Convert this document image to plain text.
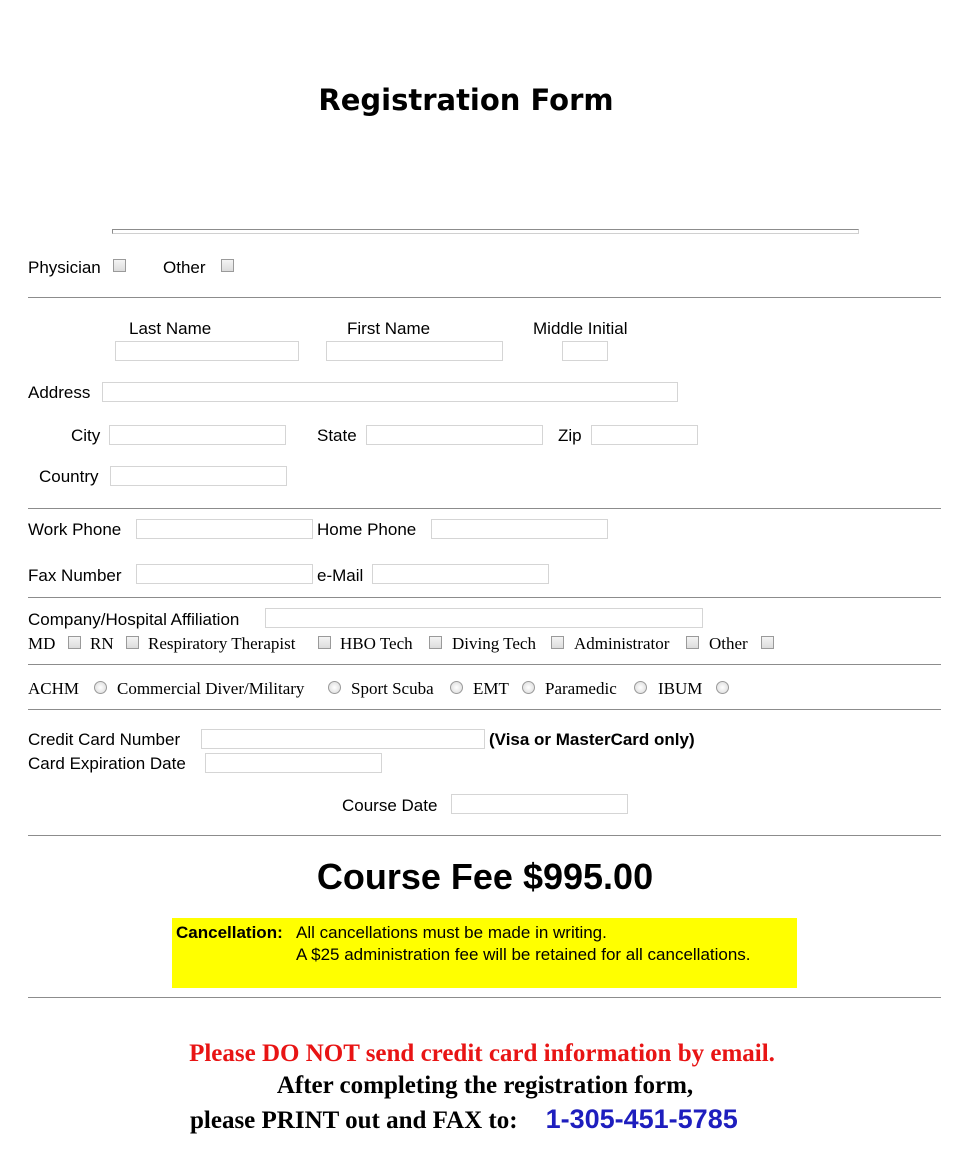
Registration Form
Physician	Other
Last Name	First Name	Middle Initial
Address
City	State	Zip
Country
Work Phone	Home Phone
Fax Number	e-Mail
Company/Hospital Affiliation
MD RN Respiratory Therapist	HBO Tech Diving Tech Administrator Other
ACHM Commercial Diver/Military	Sport Scuba EMT Paramedic IBUM
Credit Card Number	(Visa or MasterCard only)
Card Expiration Date
Course Date
Course Fee $995.00
Cancellation: All cancellations must be made in writing.
A $25 administration fee will be retained for all cancellations.
Please DO NOT send credit card information by email.
After completing the registration form,
please PRINT out and FAX to: 1-305-451-5785
